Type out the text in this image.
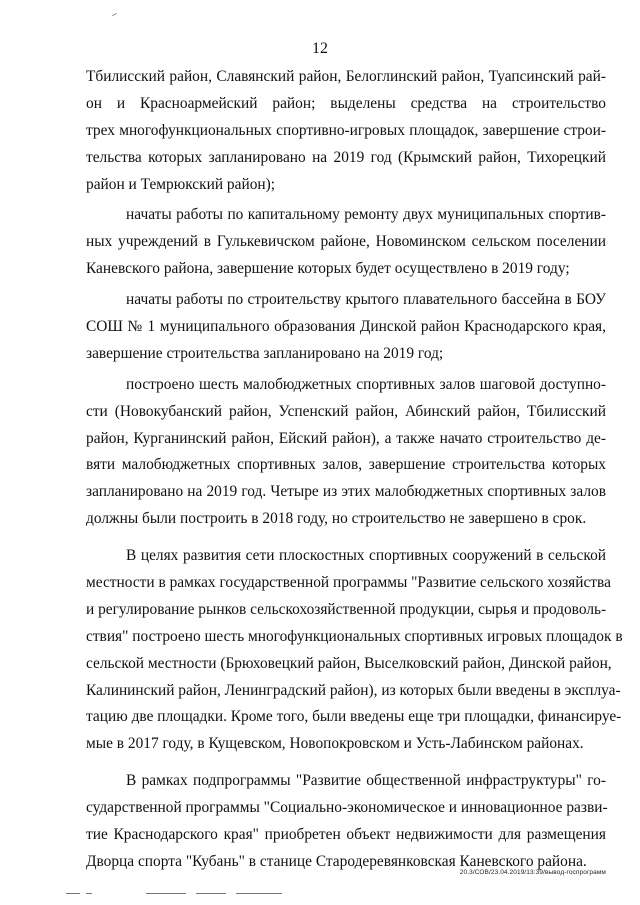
12
Тбилисский район, Славянский район, Белоглинский район, Туапсинский рай-
он и Красноармейский район; выделены средства на строительство
трех многофункциональных спортивно-игровых площадок, завершение строи-
тельства которых запланировано на 2019 год (Крымский район, Тихорецкий
район и Темрюкский район);
начаты работы по капитальному ремонту двух муниципальных спортив-
ных учреждений в Гулькевичском районе, Новоминском сельском поселении
Каневского района, завершение которых будет осуществлено в 2019 году;
начаты работы по строительству крытого плавательного бассейна в БОУ
СОШ № 1 муниципального образования Динской район Краснодарского края,
завершение строительства запланировано на 2019 год;
построено шесть малобюджетных спортивных залов шаговой доступно-
сти (Новокубанский район, Успенский район, Абинский район, Тбилисский
район, Курганинский район, Ейский район), а также начато строительство де-
вяти малобюджетных спортивных залов, завершение строительства которых
запланировано на 2019 год. Четыре из этих малобюджетных спортивных залов
должны были построить в 2018 году, но строительство не завершено в срок.
В целях развития сети плоскостных спортивных сооружений в сельской
местности в рамках государственной программы "Развитие сельского хозяйства
и регулирование рынков сельскохозяйственной продукции, сырья и продоволь-
ствия" построено шесть многофункциональных спортивных игровых площадок в
сельской местности (Брюховецкий район, Выселковский район, Динской район,
Калининский район, Ленинградский район), из которых были введены в эксплуа-
тацию две площадки. Кроме того, были введены еще три площадки, финансируе-
мые в 2017 году, в Кущевском, Новопокровском и Усть-Лабинском районах.
В рамках подпрограммы "Развитие общественной инфраструктуры" го-
сударственной программы "Социально-экономическое и инновационное разви-
тие Краснодарского края" приобретен объект недвижимости для размещения
Дворца спорта "Кубань" в станице Стародеревянковская Каневского района.
20.3/СОВ/23.04.2019/13:39/вывод-госпрограмм
